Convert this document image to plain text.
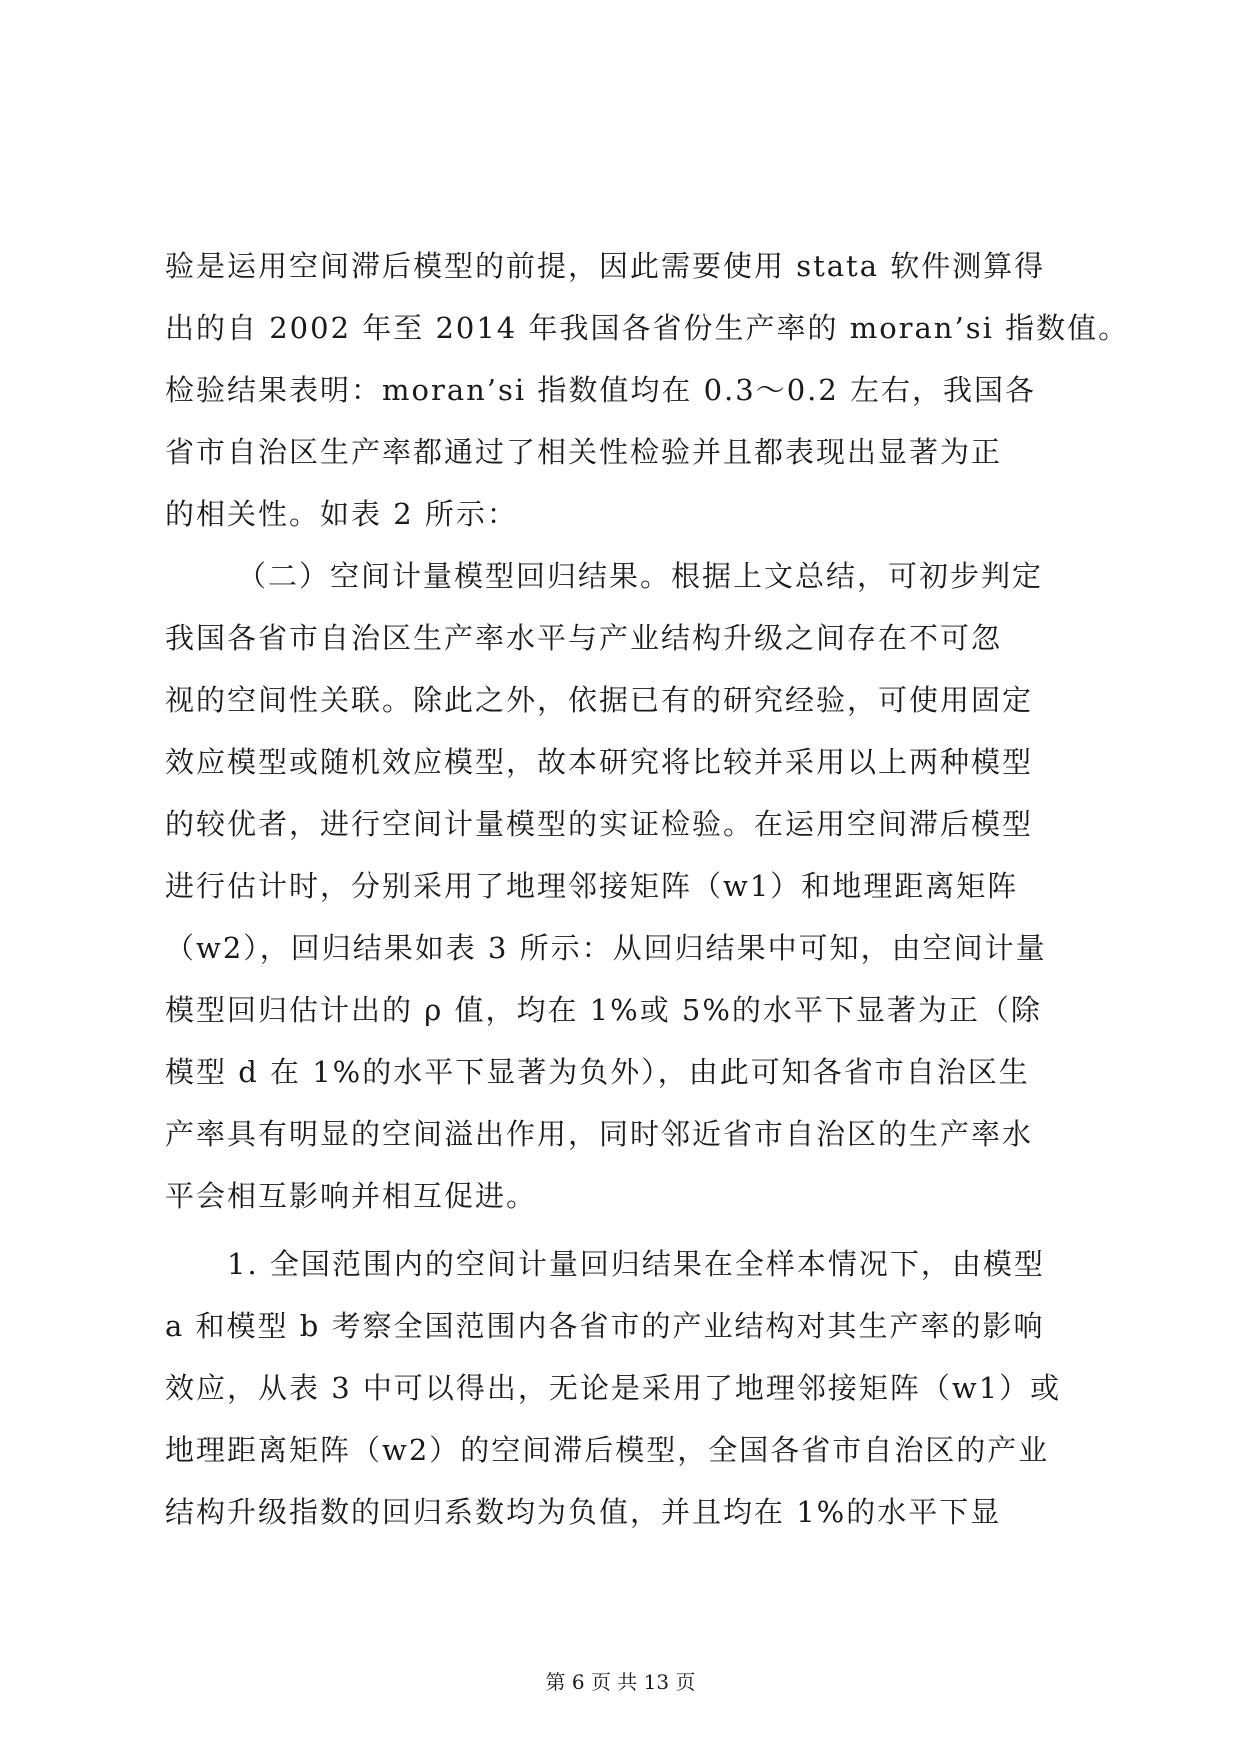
验是运用空间滞后模型的前提，因此需要使用 stata 软件测算得
出的自 2002 年至 2014 年我国各省份生产率的 moran’si 指数值。
检验结果表明：moran’si 指数值均在 0.3～0.2 左右，我国各
省市自治区生产率都通过了相关性检验并且都表现出显著为正
的相关性。如表 2 所示：
（二）空间计量模型回归结果。根据上文总结，可初步判定
我国各省市自治区生产率水平与产业结构升级之间存在不可忽
视的空间性关联。除此之外，依据已有的研究经验，可使用固定
效应模型或随机效应模型，故本研究将比较并采用以上两种模型
的较优者，进行空间计量模型的实证检验。在运用空间滞后模型
进行估计时，分别采用了地理邻接矩阵（w1）和地理距离矩阵
（w2），回归结果如表 3 所示：从回归结果中可知，由空间计量
模型回归估计出的 ρ 值，均在 1%或 5%的水平下显著为正（除
模型 d 在 1%的水平下显著为负外），由此可知各省市自治区生
产率具有明显的空间溢出作用，同时邻近省市自治区的生产率水
平会相互影响并相互促进。
1. 全国范围内的空间计量回归结果在全样本情况下，由模型
a 和模型 b 考察全国范围内各省市的产业结构对其生产率的影响
效应，从表 3 中可以得出，无论是采用了地理邻接矩阵（w1）或
地理距离矩阵（w2）的空间滞后模型，全国各省市自治区的产业
结构升级指数的回归系数均为负值，并且均在 1%的水平下显
第 6 页 共 13 页
